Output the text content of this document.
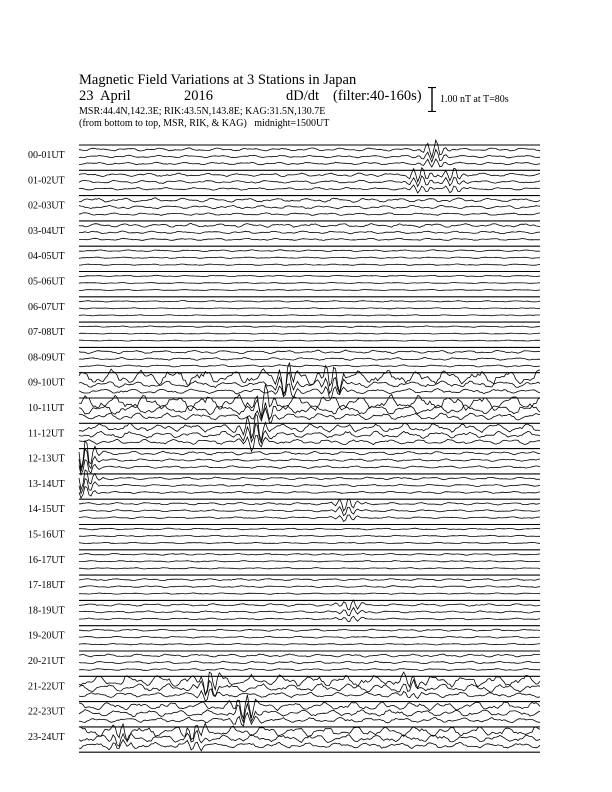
Magnetic Field Variations at 3 Stations in Japan
23 April	2016	dD/dt (filter:40-160s)
MSR:44.4N,142.3E; RIK:43.5N,143.8E; KAG:31.5N,130.7E
(from bottom to top, MSR, RIK, & KAG) midnight=1500UT
1.00 nT at T=80s
00-01UT
01-02UT
02-03UT
03-04UT
04-05UT
05-06UT
06-07UT
07-08UT
08-09UT
09-10UT
10-11UT
11-12UT
12-13UT
13-14UT
14-15UT
15-16UT
16-17UT
17-18UT
18-19UT
19-20UT
20-21UT
21-22UT
22-23UT
23-24UT
